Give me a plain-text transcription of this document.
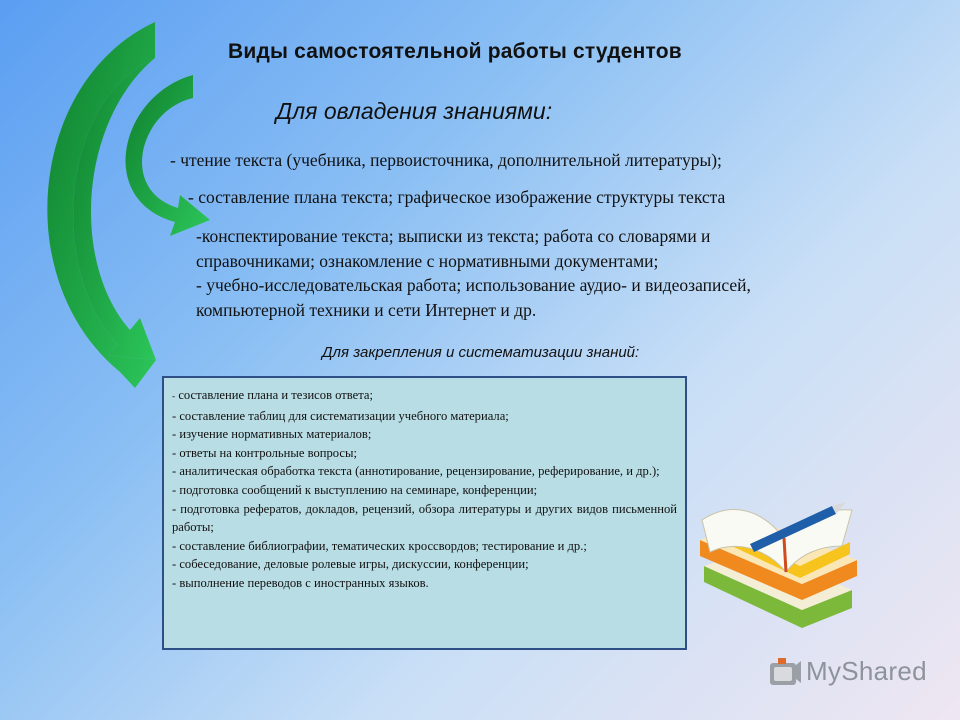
Виды самостоятельной работы студентов
Для овладения знаниями:
- чтение текста (учебника, первоисточника, дополнительной литературы);
- составление плана текста; графическое изображение структуры текста
-конспектирование текста; выписки из текста; работа со словарями и
справочниками; ознакомление с нормативными документами;
- учебно-исследовательская работа; использование аудио- и видеозаписей,
компьютерной техники и сети Интернет и др.
Для закрепления и систематизации знаний:
- составление плана и тезисов ответа;
- составление таблиц для систематизации учебного материала;
- изучение нормативных материалов;
- ответы на контрольные вопросы;
- аналитическая обработка текста (аннотирование, рецензирование, реферирование, и др.);
- подготовка сообщений к выступлению на семинаре, конференции;
- подготовка рефератов, докладов, рецензий, обзора литературы и других видов письменной работы;
- составление библиографии, тематических кроссвордов; тестирование и др.;
- собеседование, деловые ролевые игры, дискуссии, конференции;
- выполнение переводов с иностранных языков.
MyShared
